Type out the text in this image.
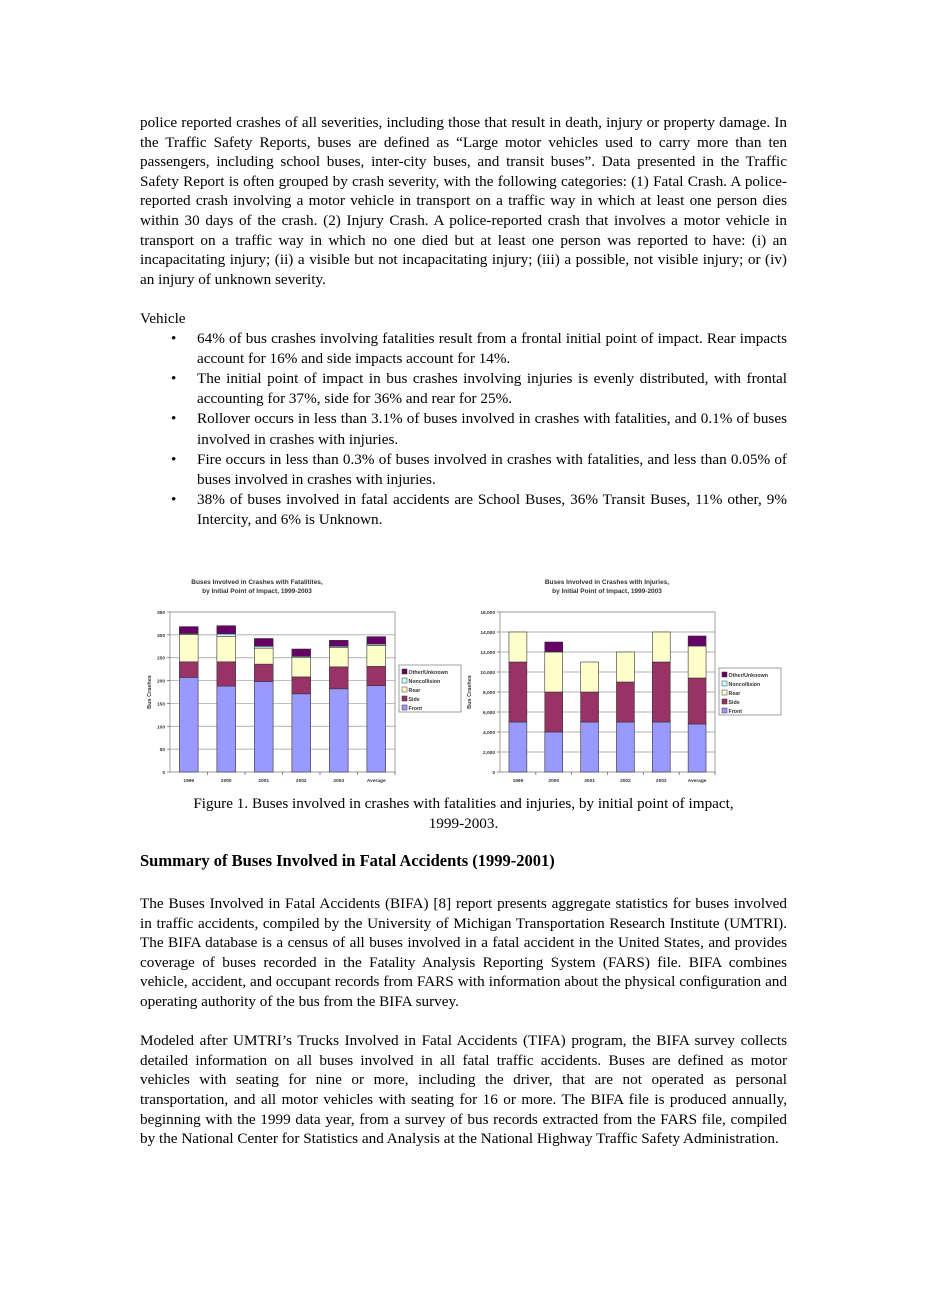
police reported crashes of all severities, including those that result in death, injury or property damage. In the Traffic Safety Reports, buses are defined as “Large motor vehicles used to carry more than ten passengers, including school buses, inter-city buses, and transit buses”. Data presented in the Traffic Safety Report is often grouped by crash severity, with the following categories: (1) Fatal Crash. A police-reported crash involving a motor vehicle in transport on a traffic way in which at least one person dies within 30 days of the crash. (2) Injury Crash. A police-reported crash that involves a motor vehicle in transport on a traffic way in which no one died but at least one person was reported to have: (i) an incapacitating injury; (ii) a visible but not incapacitating injury; (iii) a possible, not visible injury; or (iv) an injury of unknown severity.

Vehicle

• 64% of bus crashes involving fatalities result from a frontal initial point of impact. Rear impacts account for 16% and side impacts account for 14%.
• The initial point of impact in bus crashes involving injuries is evenly distributed, with frontal accounting for 37%, side for 36% and rear for 25%.
• Rollover occurs in less than 3.1% of buses involved in crashes with fatalities, and 0.1% of buses involved in crashes with injuries.
• Fire occurs in less than 0.3% of buses involved in crashes with fatalities, and less than 0.05% of buses involved in crashes with injuries.
• 38% of buses involved in fatal accidents are School Buses, 36% Transit Buses, 11% other, 9% Intercity, and 6% is Unknown.
Buses Involved in Crashes with Fatalitites,
by Initial Point of Impact, 1999-2003
0
50
100
150
200
250
300
350
Bus Crashes
1999	2000	2001	2002	2003	Average
Other/Unknown
Noncollision
Rear
Side
Front
Buses Involved in Crashes with Injuries,
by Initial Point of Impact, 1999-2003
0
2,000
4,000
6,000
8,000
10,000
12,000
14,000
16,000
Bus Crashes
1999	2000	2001	2002	2003	Average
Other/Unknown
Noncollision
Rear
Side
Front
Figure 1. Buses involved in crashes with fatalities and injuries, by initial point of impact,
1999-2003.
Summary of Buses Involved in Fatal Accidents (1999-2001)

The Buses Involved in Fatal Accidents (BIFA) [8] report presents aggregate statistics for buses involved in traffic accidents, compiled by the University of Michigan Transportation Research Institute (UMTRI). The BIFA database is a census of all buses involved in a fatal accident in the United States, and provides coverage of buses recorded in the Fatality Analysis Reporting System (FARS) file. BIFA combines vehicle, accident, and occupant records from FARS with information about the physical configuration and operating authority of the bus from the BIFA survey.

Modeled after UMTRI’s Trucks Involved in Fatal Accidents (TIFA) program, the BIFA survey collects detailed information on all buses involved in all fatal traffic accidents. Buses are defined as motor vehicles with seating for nine or more, including the driver, that are not operated as personal transportation, and all motor vehicles with seating for 16 or more. The BIFA file is produced annually, beginning with the 1999 data year, from a survey of bus records extracted from the FARS file, compiled by the National Center for Statistics and Analysis at the National Highway Traffic Safety Administration.
